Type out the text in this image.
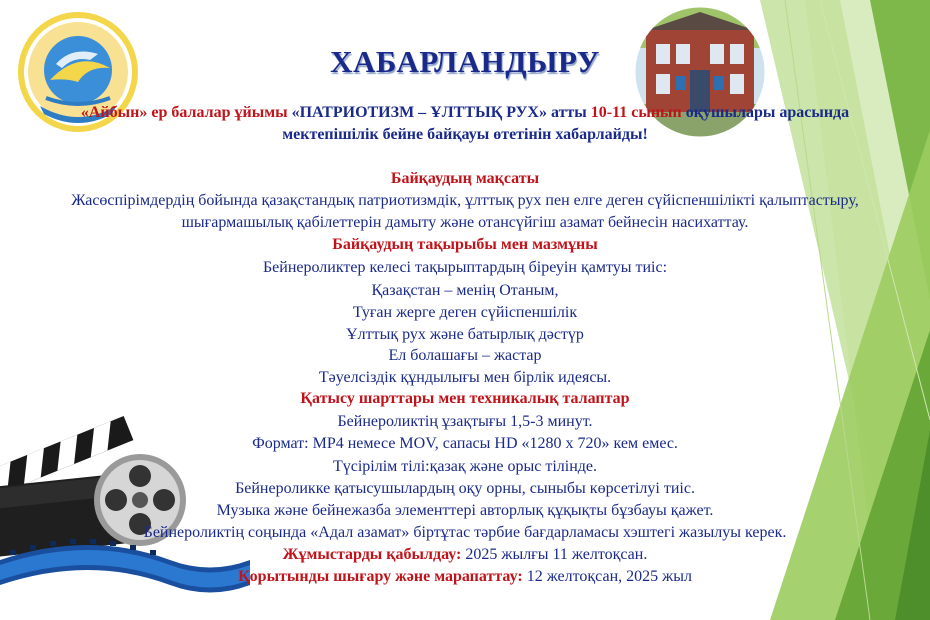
ХАБАРЛАНДЫРУ
«Айбын» ер балалар ұйымы «ПАТРИОТИЗМ – ҰЛТТЫҚ РУХ» атты 10-11 сынып оқушылары арасында
мектепішілік бейне байқауы өтетінін хабарлайды!
Байқаудың мақсаты
Жасөспірімдердің бойында қазақстандық патриотизмдік, ұлттық рух пен елге деген сүйіспеншілікті қалыптастыру,
шығармашылық қабілеттерін дамыту және отансүйгіш азамат бейнесін насихаттау.
Байқаудың тақырыбы мен мазмұны
Бейнероликтер келесі тақырыптардың біреуін қамтуы тиіс:
Қазақстан – менің Отаным,
Туған жерге деген сүйіспеншілік
Ұлттық рух және батырлық дәстүр
Ел болашағы – жастар
Тәуелсіздік құндылығы мен бірлік идеясы.
Қатысу шарттары мен техникалық талаптар
Бейнероликтің ұзақтығы 1,5-3 минут.
Формат: MP4 немесе MOV, сапасы HD «1280 x 720» кем емес.
Түсірілім тілі:қазақ және орыс тілінде.
Бейнероликке қатысушылардың оқу орны, сыныбы көрсетілуі тиіс.
Музыка және бейнежазба элементтері авторлық құқықты бұзбауы қажет.
Бейнероликтің соңында «Адал азамат» біртұтас тәрбие бағдарламасы хэштегі жазылуы керек.
Жұмыстарды қабылдау: 2025 жылғы 11 желтоқсан.
Қорытынды шығару және марапаттау: 12 желтоқсан, 2025 жыл
